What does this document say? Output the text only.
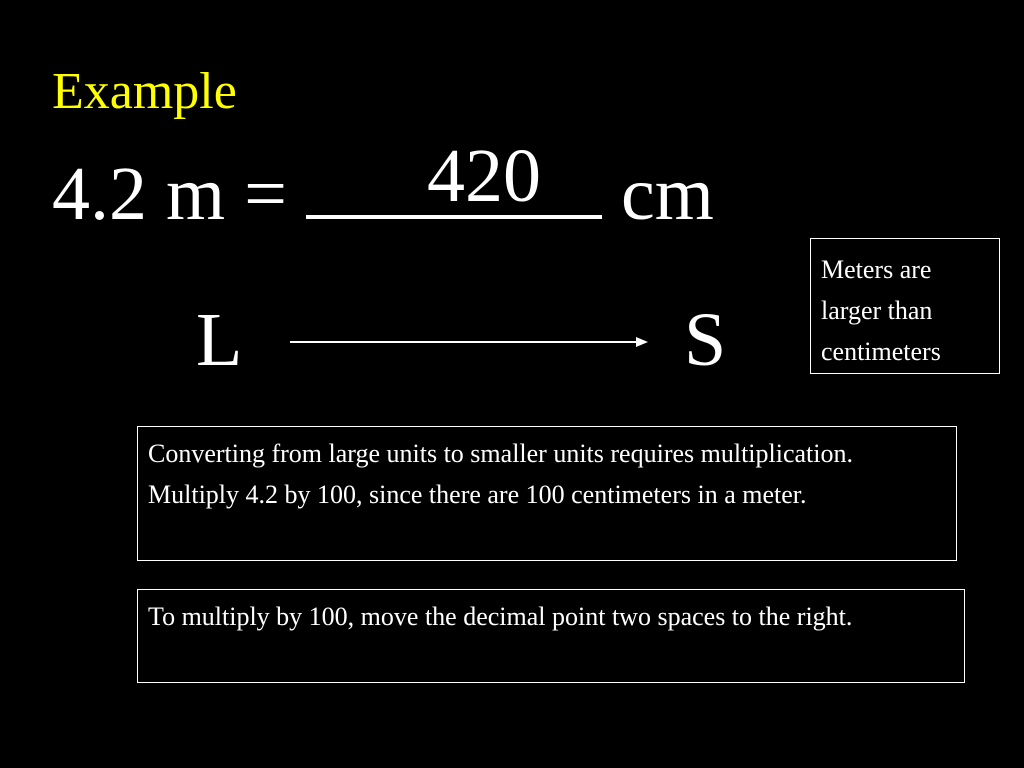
Example
4.2 m =	cm
420
L	S
Meters are larger than centimeters
Converting from large units to smaller units requires multiplication. Multiply 4.2 by 100, since there are 100 centimeters in a meter.
To multiply by 100, move the decimal point two spaces to the right.
